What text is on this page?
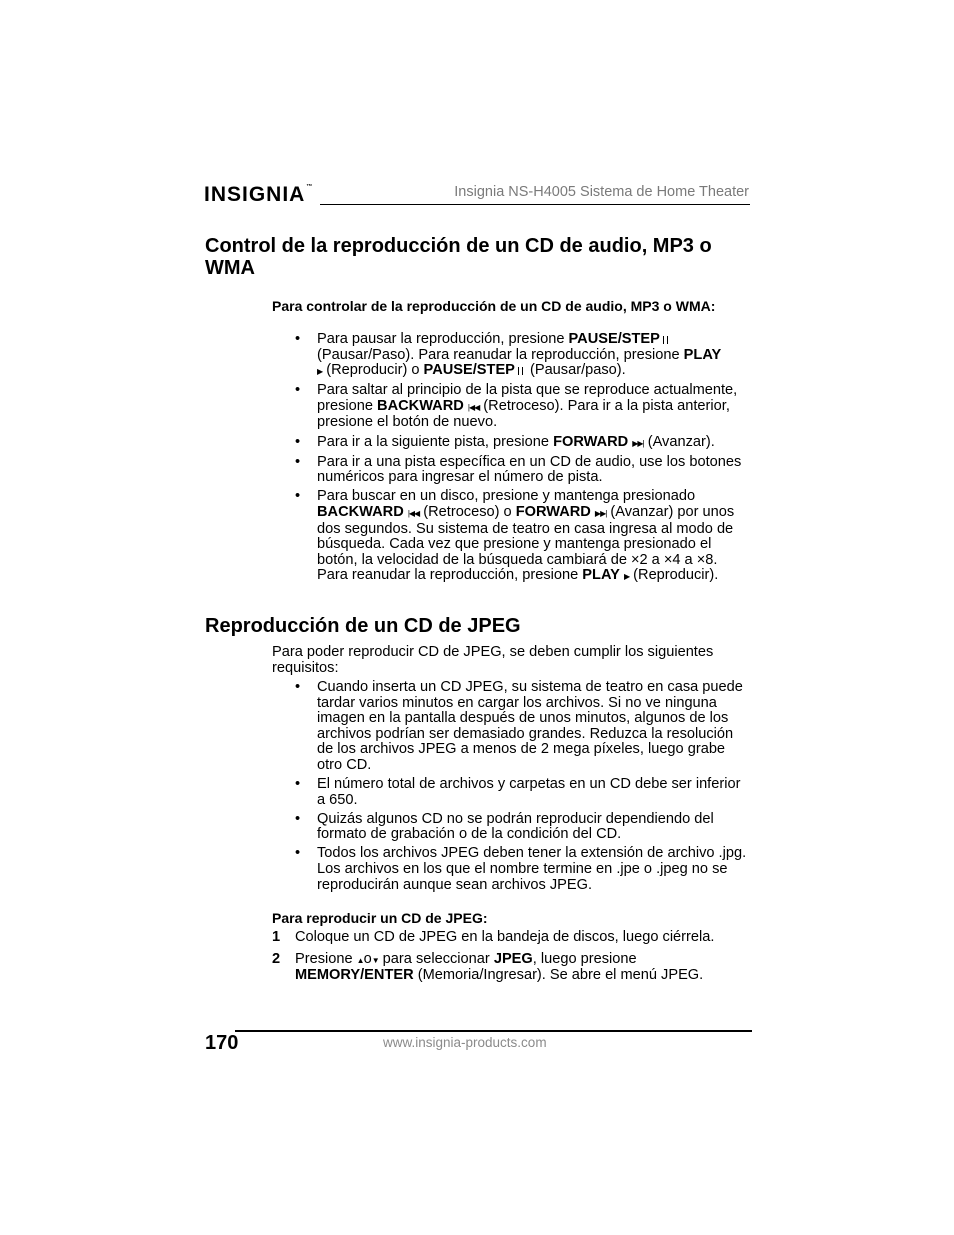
INSIGNIA™	Insignia NS-H4005 Sistema de Home Theater
Control de la reproducción de un CD de audio, MP3 o WMA

Para controlar de la reproducción de un CD de audio, MP3 o WMA:

• Para pausar la reproducción, presione PAUSE/STEP (Pausar/Paso). Para reanudar la reproducción, presione PLAY
▶ (Reproducir) o PAUSE/STEP (Pausar/paso).
• Para saltar al principio de la pista que se reproduce actualmente, presione BACKWARD |◀◀ (Retroceso). Para ir a la pista anterior, presione el botón de nuevo.
• Para ir a la siguiente pista, presione FORWARD ▶▶| (Avanzar).
• Para ir a una pista específica en un CD de audio, use los botones numéricos para ingresar el número de pista.
• Para buscar en un disco, presione y mantenga presionado
BACKWARD |◀◀ (Retroceso) o FORWARD ▶▶| (Avanzar) por unos dos segundos. Su sistema de teatro en casa ingresa al modo de búsqueda. Cada vez que presione y mantenga presionado el botón, la velocidad de la búsqueda cambiará de ×2 a ×4 a ×8. Para reanudar la reproducción, presione PLAY ▶ (Reproducir).
Reproducción de un CD de JPEG

Para poder reproducir CD de JPEG, se deben cumplir los siguientes requisitos:

• Cuando inserta un CD JPEG, su sistema de teatro en casa puede tardar varios minutos en cargar los archivos. Si no ve ninguna imagen en la pantalla después de unos minutos, algunos de los archivos podrían ser demasiado grandes. Reduzca la resolución de los archivos JPEG a menos de 2 mega píxeles, luego grabe otro CD.
• El número total de archivos y carpetas en un CD debe ser inferior a 650.
• Quizás algunos CD no se podrán reproducir dependiendo del formato de grabación o de la condición del CD.
• Todos los archivos JPEG deben tener la extensión de archivo .jpg. Los archivos en los que el nombre termine en .jpe o .jpeg no se reproducirán aunque sean archivos JPEG.

Para reproducir un CD de JPEG:

1 Coloque un CD de JPEG en la bandeja de discos, luego ciérrela.
2 Presione ▲o▼ para seleccionar JPEG, luego presione
MEMORY/ENTER (Memoria/Ingresar). Se abre el menú JPEG.
170	www.insignia-products.com
